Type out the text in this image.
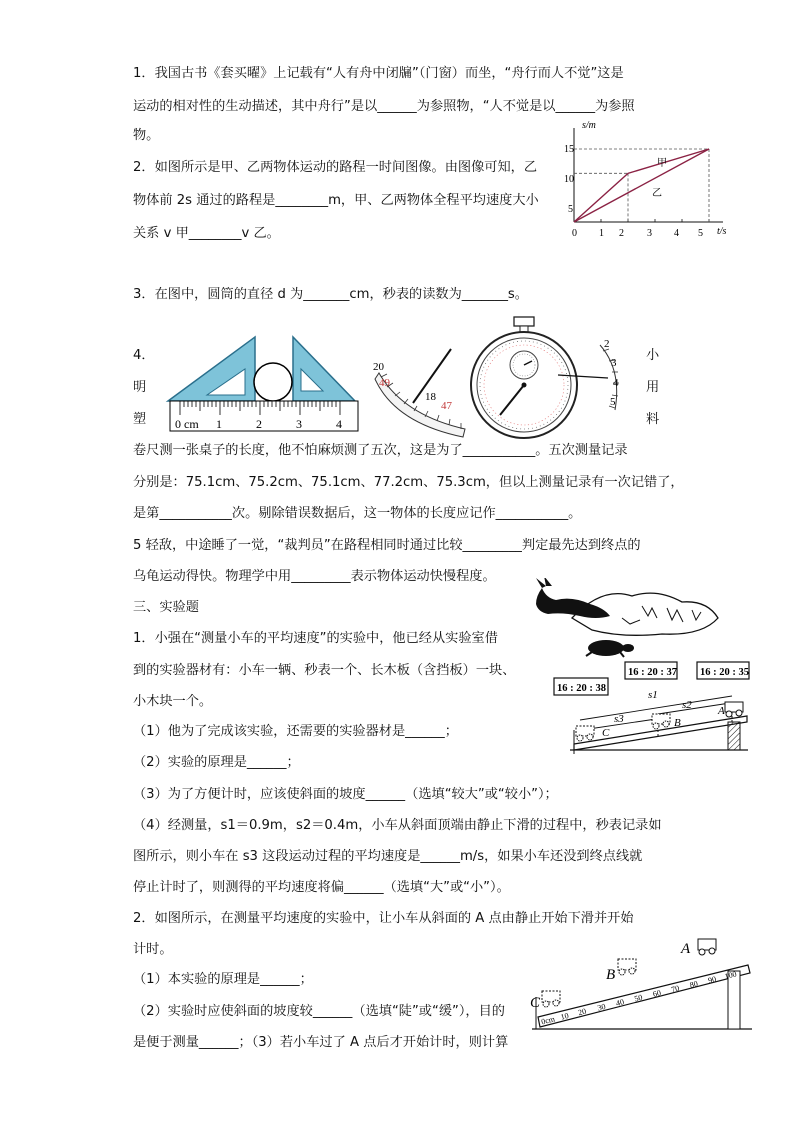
1．我国古书《套买曜》上记载有“人有舟中闭牖”（门窗）而坐，“舟行而人不觉”这是
运动的相对性的生动描述，其中舟行”是以______为参照物，“人不觉是以______为参照
物。
2．如图所示是甲、乙两物体运动的路程一时间图像。由图像可知，乙
物体前 2s 通过的路程是________m，甲、乙两物体全程平均速度大小
关系 v 甲________v 乙。
3．在图中，圆筒的直径 d 为_______cm，秒表的读数为_______s。
4．	小
明	用
塑	料
卷尺测一张桌子的长度，他不怕麻烦测了五次，这是为了___________。五次测量记录
分别是：75.1cm、75.2cm、75.1cm、77.2cm、75.3cm，但以上测量记录有一次记错了，
是第___________次。剔除错误数据后，这一物体的长度应记作___________。
5 轻敌，中途睡了一觉，“裁判员”在路程相同时通过比较_________判定最先达到终点的
乌龟运动得快。物理学中用_________表示物体运动快慢程度。
三、实验题
1．小强在“测量小车的平均速度”的实验中，他已经从实验室借
到的实验器材有：小车一辆、秒表一个、长木板（含挡板）一块、
小木块一个。
（1）他为了完成该实验，还需要的实验器材是______；
（2）实验的原理是______；
（3）为了方便计时，应该使斜面的坡度______（选填“较大”或“较小”）；
（4）经测量，s1＝0.9m，s2＝0.4m，小车从斜面顶端由静止下滑的过程中，秒表记录如
图所示，则小车在 s3 这段运动过程的平均速度是______m/s，如果小车还没到终点线就
停止计时了，则测得的平均速度将偏______（选填“大”或“小”）。
2．如图所示，在测量平均速度的实验中，让小车从斜面的 A 点由静止开始下滑并开始
计时。
（1）本实验的原理是______；
（2）实验时应使斜面的坡度较______（选填“陡”或“缓”），目的
是便于测量______；（3）若小车过了 A 点后才开始计时，则计算
s/m
t/s
甲
乙
15
10
5
0 1 2 3 4 5
0 cm 1	2	3	4
20
49
18
47
2
3
4
5
16 : 20 : 38
16 : 20 : 37 16 : 20 : 35
s1
s2
s3
A
B
C
A
B
C
0cm 10 20 30 40 50 60 70 80 90 100
